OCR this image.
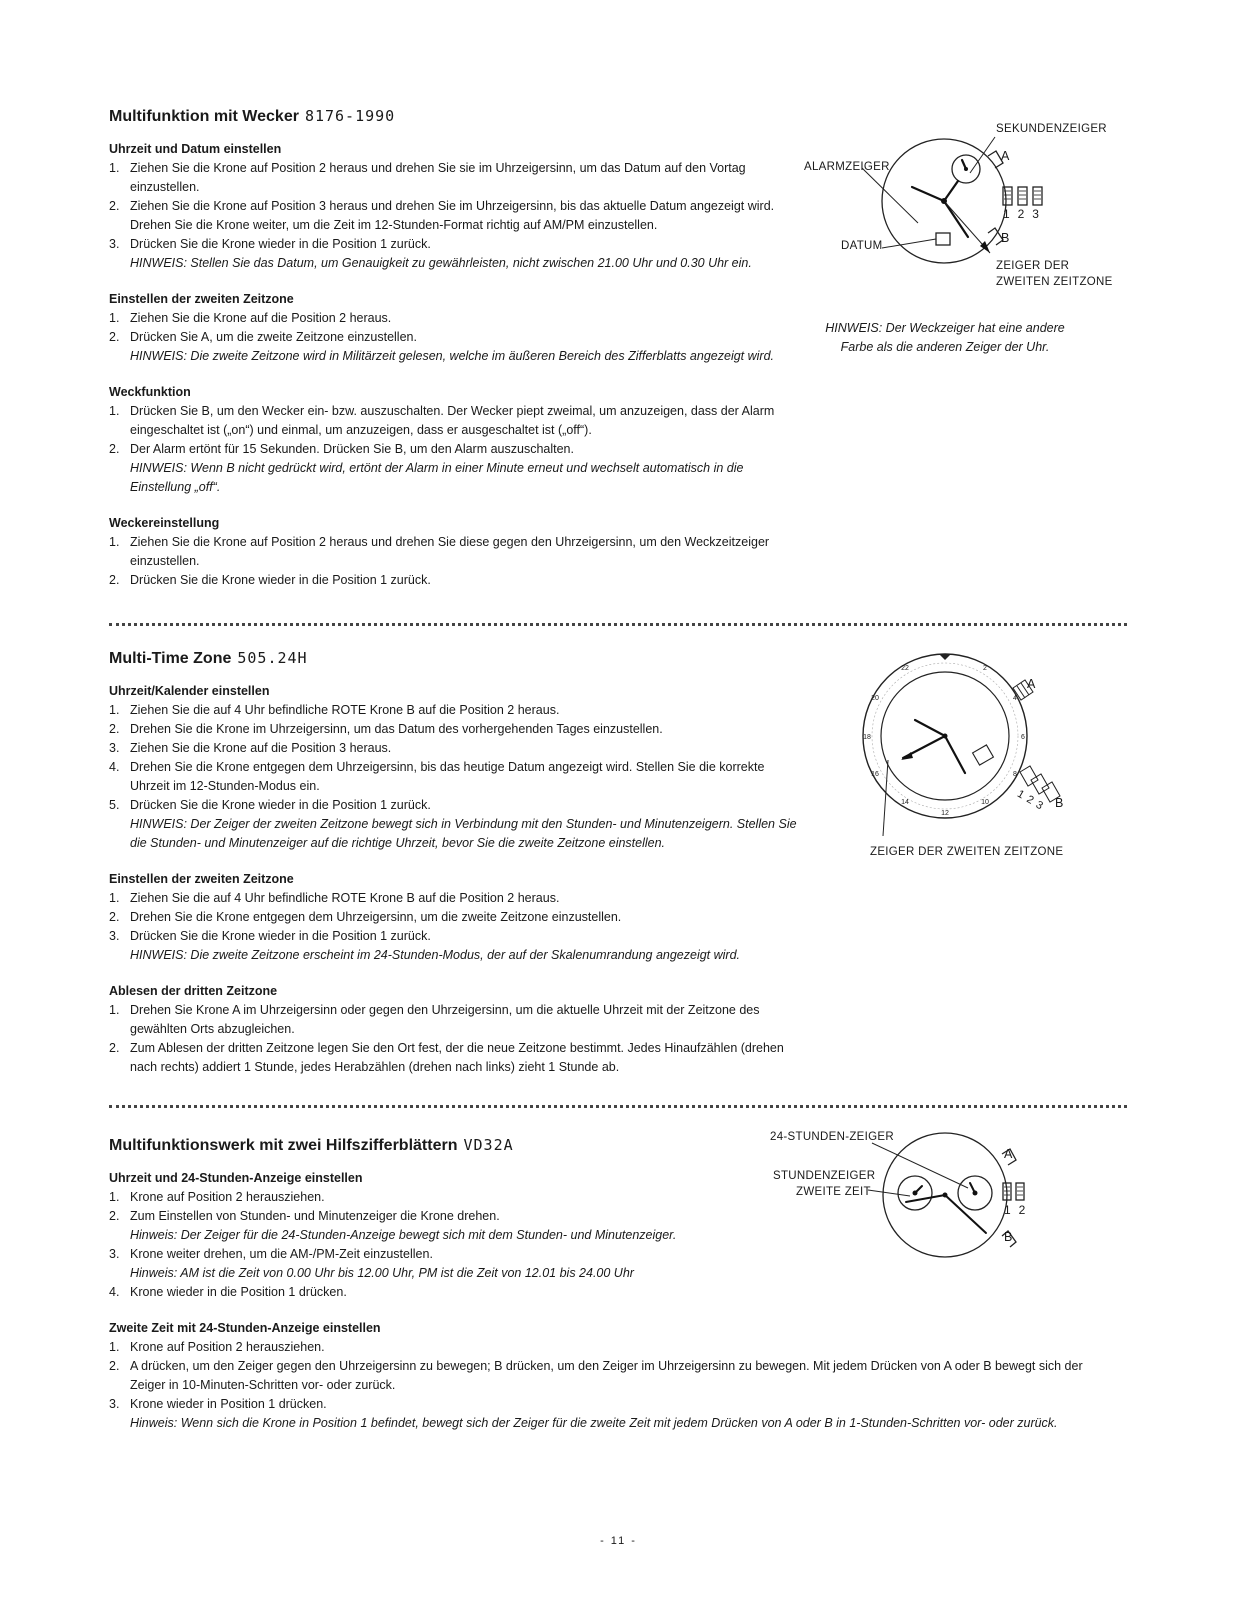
Multifunktion mit Wecker 8176-1990
Uhrzeit und Datum einstellen
1. Ziehen Sie die Krone auf Position 2 heraus und drehen Sie sie im Uhrzeigersinn, um das Datum auf den Vortag einzustellen.
2. Ziehen Sie die Krone auf Position 3 heraus und drehen Sie im Uhrzeigersinn, bis das aktuelle Datum angezeigt wird. Drehen Sie die Krone weiter, um die Zeit im 12-Stunden-Format richtig auf AM/PM einzustellen.
3. Drücken Sie die Krone wieder in die Position 1 zurück.
HINWEIS: Stellen Sie das Datum, um Genauigkeit zu gewährleisten, nicht zwischen 21.00 Uhr und 0.30 Uhr ein.
Einstellen der zweiten Zeitzone
1. Ziehen Sie die Krone auf die Position 2 heraus.
2. Drücken Sie A, um die zweite Zeitzone einzustellen.
HINWEIS: Die zweite Zeitzone wird in Militärzeit gelesen, welche im äußeren Bereich des Zifferblatts angezeigt wird.
Weckfunktion
1. Drücken Sie B, um den Wecker ein- bzw. auszuschalten. Der Wecker piept zweimal, um anzuzeigen, dass der Alarm eingeschaltet ist („on“) und einmal, um anzuzeigen, dass er ausgeschaltet ist („off“).
2. Der Alarm ertönt für 15 Sekunden. Drücken Sie B, um den Alarm auszuschalten.
HINWEIS: Wenn B nicht gedrückt wird, ertönt der Alarm in einer Minute erneut und wechselt automatisch in die Einstellung „off“.
Weckereinstellung
1. Ziehen Sie die Krone auf Position 2 heraus und drehen Sie diese gegen den Uhrzeigersinn, um den Weckzeitzeiger einzustellen.
2. Drücken Sie die Krone wieder in die Position 1 zurück.
SEKUNDENZEIGER
ALARMZEIGER
DATUM
ZEIGER DER
ZWEITEN ZEITZONE
A
B
1 2 3
HINWEIS: Der Weckzeiger hat eine andere
Farbe als die anderen Zeiger der Uhr.
Multi-Time Zone 505.24H
Uhrzeit/Kalender einstellen
1. Ziehen Sie die auf 4 Uhr befindliche ROTE Krone B auf die Position 2 heraus.
2. Drehen Sie die Krone im Uhrzeigersinn, um das Datum des vorhergehenden Tages einzustellen.
3. Ziehen Sie die Krone auf die Position 3 heraus.
4. Drehen Sie die Krone entgegen dem Uhrzeigersinn, bis das heutige Datum angezeigt wird. Stellen Sie die korrekte Uhrzeit im 12-Stunden-Modus ein.
5. Drücken Sie die Krone wieder in die Position 1 zurück.
HINWEIS: Der Zeiger der zweiten Zeitzone bewegt sich in Verbindung mit den Stunden- und Minutenzeigern. Stellen Sie die Stunden- und Minutenzeiger auf die richtige Uhrzeit, bevor Sie die zweite Zeitzone einstellen.
Einstellen der zweiten Zeitzone
1. Ziehen Sie die auf 4 Uhr befindliche ROTE Krone B auf die Position 2 heraus.
2. Drehen Sie die Krone entgegen dem Uhrzeigersinn, um die zweite Zeitzone einzustellen.
3. Drücken Sie die Krone wieder in die Position 1 zurück.
HINWEIS: Die zweite Zeitzone erscheint im 24-Stunden-Modus, der auf der Skalenumrandung angezeigt wird.
Ablesen der dritten Zeitzone
1. Drehen Sie Krone A im Uhrzeigersinn oder gegen den Uhrzeigersinn, um die aktuelle Uhrzeit mit der Zeitzone des gewählten Orts abzugleichen.
2. Zum Ablesen der dritten Zeitzone legen Sie den Ort fest, der die neue Zeitzone bestimmt. Jedes Hinaufzählen (drehen nach rechts) addiert 1 Stunde, jedes Herabzählen (drehen nach links) zieht 1 Stunde ab.
22	2
20	4
18	6
16	8
14	10
12
A
B
1 2 3
ZEIGER DER ZWEITEN ZEITZONE
Multifunktionswerk mit zwei Hilfszifferblättern VD32A
Uhrzeit und 24-Stunden-Anzeige einstellen
1. Krone auf Position 2 herausziehen.
2. Zum Einstellen von Stunden- und Minutenzeiger die Krone drehen.
Hinweis: Der Zeiger für die 24-Stunden-Anzeige bewegt sich mit dem Stunden- und Minutenzeiger.
3. Krone weiter drehen, um die AM-/PM-Zeit einzustellen.
Hinweis: AM ist die Zeit von 0.00 Uhr bis 12.00 Uhr, PM ist die Zeit von 12.01 bis 24.00 Uhr
4. Krone wieder in die Position 1 drücken.
Zweite Zeit mit 24-Stunden-Anzeige einstellen
1. Krone auf Position 2 herausziehen.
2. A drücken, um den Zeiger gegen den Uhrzeigersinn zu bewegen; B drücken, um den Zeiger im Uhrzeigersinn zu bewegen. Mit jedem Drücken von A oder B bewegt sich der Zeiger in 10-Minuten-Schritten vor- oder zurück.
3. Krone wieder in Position 1 drücken.
Hinweis: Wenn sich die Krone in Position 1 befindet, bewegt sich der Zeiger für die zweite Zeit mit jedem Drücken von A oder B in 1-Stunden-Schritten vor- oder zurück.
24-STUNDEN-ZEIGER
STUNDENZEIGER
ZWEITE ZEIT
A
B
1 2
- 11 -
